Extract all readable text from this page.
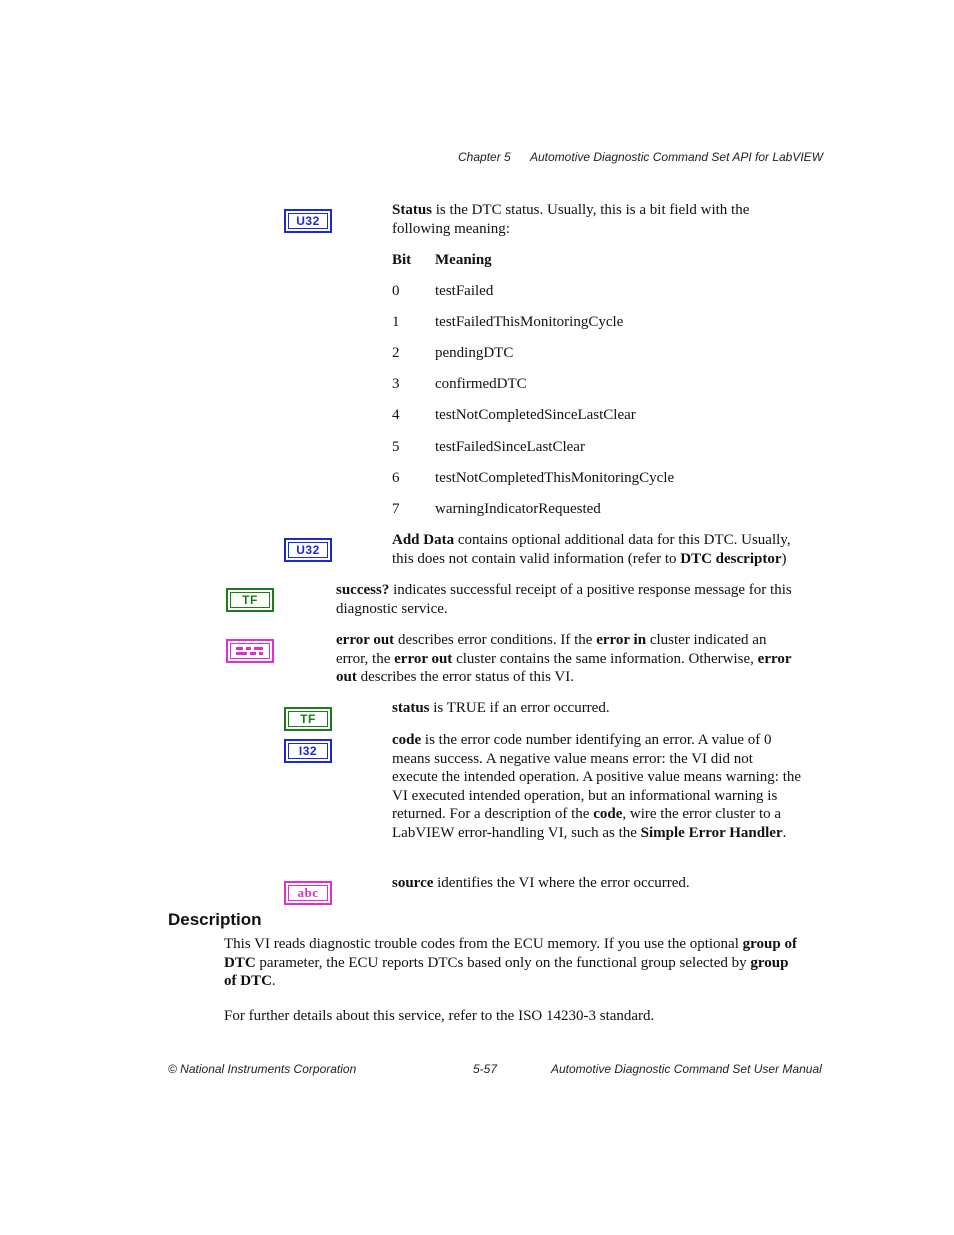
Chapter 5 Automotive Diagnostic Command Set API for LabVIEW
U32
Status is the DTC status. Usually, this is a bit field with the following meaning:
Bit Meaning
0 testFailed
1 testFailedThisMonitoringCycle
2 pendingDTC
3 confirmedDTC
4 testNotCompletedSinceLastClear
5 testFailedSinceLastClear
6 testNotCompletedThisMonitoringCycle
7 warningIndicatorRequested
U32
Add Data contains optional additional data for this DTC. Usually, this does not contain valid information (refer to DTC descriptor)
TF
success? indicates successful receipt of a positive response message for this diagnostic service.
error out describes error conditions. If the error in cluster indicated an error, the error out cluster contains the same information. Otherwise, error out describes the error status of this VI.
TF
status is TRUE if an error occurred.
I32
code is the error code number identifying an error. A value of 0 means success. A negative value means error: the VI did not execute the intended operation. A positive value means warning: the VI executed intended operation, but an informational warning is returned. For a description of the code, wire the error cluster to a LabVIEW error-handling VI, such as the Simple Error Handler.
abc
source identifies the VI where the error occurred.
Description
This VI reads diagnostic trouble codes from the ECU memory. If you use the optional group of DTC parameter, the ECU reports DTCs based only on the functional group selected by group of DTC.
For further details about this service, refer to the ISO 14230-3 standard.
© National Instruments Corporation	5-57	Automotive Diagnostic Command Set User Manual
